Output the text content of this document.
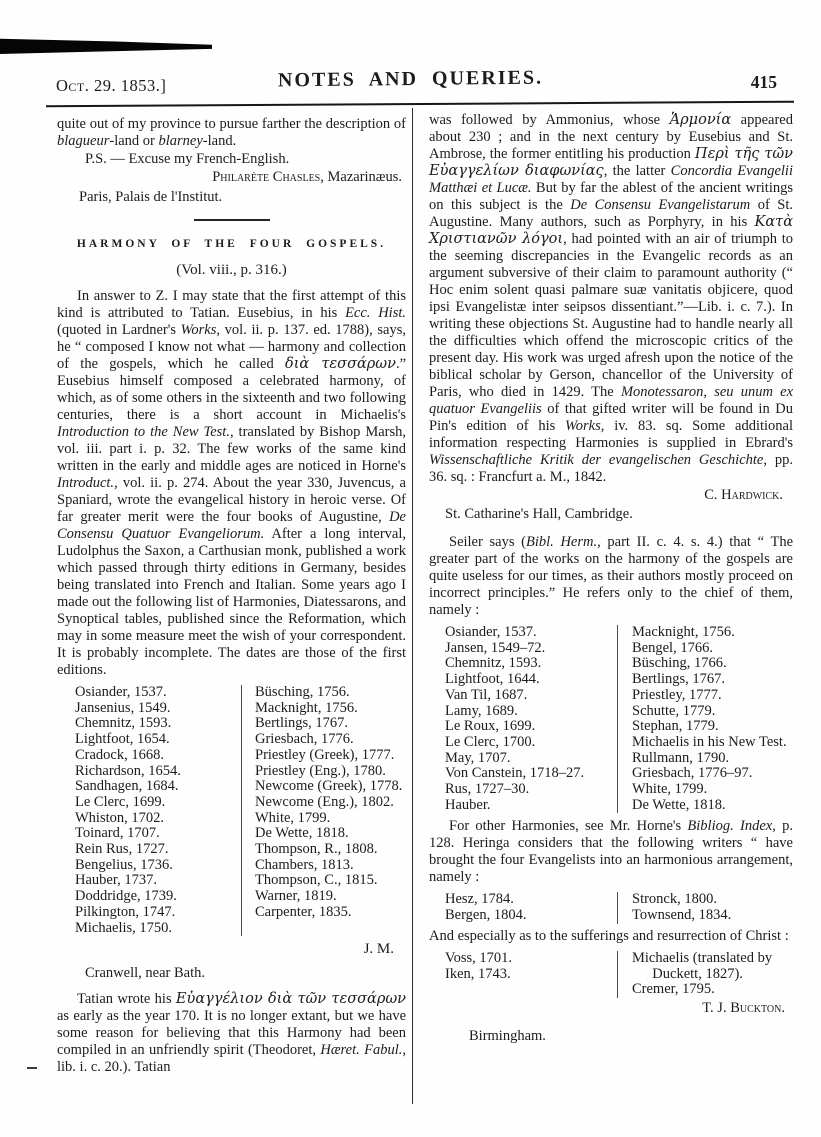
Oct. 29. 1853.]	NOTES AND QUERIES.	415

quite out of my province to pursue farther the description of blagueur-land or blarney-land.

P.S. — Excuse my French-English.

Philarète Chasles, Mazarinæus.

Paris, Palais de l'Institut.

HARMONY OF THE FOUR GOSPELS.

(Vol. viii., p. 316.)

In answer to Z. I may state that the first attempt of this kind is attributed to Tatian. Eusebius, in his Ecc. Hist. (quoted in Lardner's Works, vol. ii. p. 137. ed. 1788), says, he “ composed I know not what — harmony and collection of the gospels, which he called διὰ τεσσάρων.” Eusebius himself composed a celebrated harmony, of which, as of some others in the sixteenth and two following centuries, there is a short account in Michaelis's Introduction to the New Test., translated by Bishop Marsh, vol. iii. part i. p. 32. The few works of the same kind written in the early and middle ages are noticed in Horne's Introduct., vol. ii. p. 274. About the year 330, Juvencus, a Spaniard, wrote the evangelical history in heroic verse. Of far greater merit were the four books of Augustine, De Consensu Quatuor Evangeliorum. After a long interval, Ludolphus the Saxon, a Carthusian monk, published a work which passed through thirty editions in Germany, besides being translated into French and Italian. Some years ago I made out the following list of Harmonies, Diatessarons, and Synoptical tables, published since the Reformation, which may in some measure meet the wish of your correspondent. It is probably incomplete. The dates are those of the first editions.

Osiander, 1537.
Jansenius, 1549.
Chemnitz, 1593.
Lightfoot, 1654.
Cradock, 1668.
Richardson, 1654.
Sandhagen, 1684.
Le Clerc, 1699.
Whiston, 1702.
Toinard, 1707.
Rein Rus, 1727.
Bengelius, 1736.
Hauber, 1737.
Doddridge, 1739.
Pilkington, 1747.
Michaelis, 1750.
Büsching, 1756.
Macknight, 1756.
Bertlings, 1767.
Griesbach, 1776.
Priestley (Greek), 1777.
Priestley (Eng.), 1780.
Newcome (Greek), 1778.
Newcome (Eng.), 1802.
White, 1799.
De Wette, 1818.
Thompson, R., 1808.
Chambers, 1813.
Thompson, C., 1815.
Warner, 1819.
Carpenter, 1835.

J. M.

Cranwell, near Bath.

Tatian wrote his Εὐαγγέλιον διὰ τῶν τεσσάρων as early as the year 170. It is no longer extant, but we have some reason for believing that this Harmony had been compiled in an unfriendly spirit (Theodoret, Hæret. Fabul., lib. i. c. 20.). Tatian

was followed by Ammonius, whose Ἁρμονία appeared about 230 ; and in the next century by Eusebius and St. Ambrose, the former entitling his production Περὶ τῆς τῶν Εὐαγγελίων διαφωνίας, the latter Concordia Evangelii Matthæi et Lucæ. But by far the ablest of the ancient writings on this subject is the De Consensu Evangelistarum of St. Augustine. Many authors, such as Porphyry, in his Κατὰ Χριστιανῶν λόγοι, had pointed with an air of triumph to the seeming discrepancies in the Evangelic records as an argument subversive of their claim to paramount authority (“ Hoc enim solent quasi palmare suæ vanitatis objicere, quod ipsi Evangelistæ inter seipsos dissentiant.”—Lib. i. c. 7.). In writing these objections St. Augustine had to handle nearly all the difficulties which offend the microscopic critics of the present day. His work was urged afresh upon the notice of the biblical scholar by Gerson, chancellor of the University of Paris, who died in 1429. The Monotessaron, seu unum ex quatuor Evangeliis of that gifted writer will be found in Du Pin's edition of his Works, iv. 83. sq. Some additional information respecting Harmonies is supplied in Ebrard's Wissenschaftliche Kritik der evangelischen Geschichte, pp. 36. sq. : Francfurt a. M., 1842.

C. Hardwick.

St. Catharine's Hall, Cambridge.

Seiler says (Bibl. Herm., part II. c. 4. s. 4.) that “ The greater part of the works on the harmony of the gospels are quite useless for our times, as their authors mostly proceed on incorrect principles.” He refers only to the chief of them, namely :

Osiander, 1537.
Jansen, 1549–72.
Chemnitz, 1593.
Lightfoot, 1644.
Van Til, 1687.
Lamy, 1689.
Le Roux, 1699.
Le Clerc, 1700.
May, 1707.
Von Canstein, 1718–27.
Rus, 1727–30.
Hauber.
Macknight, 1756.
Bengel, 1766.
Büsching, 1766.
Bertlings, 1767.
Priestley, 1777.
Schutte, 1779.
Stephan, 1779.
Michaelis in his New Test.
Rullmann, 1790.
Griesbach, 1776–97.
White, 1799.
De Wette, 1818.

For other Harmonies, see Mr. Horne's Bibliog. Index, p. 128. Heringa considers that the following writers “ have brought the four Evangelists into an harmonious arrangement, namely :

Hesz, 1784.
Bergen, 1804.
Stronck, 1800.
Townsend, 1834.

And especially as to the sufferings and resurrection of Christ :

Voss, 1701.
Iken, 1743.
Michaelis (translated by Duckett, 1827).
Cremer, 1795.

T. J. Buckton.

Birmingham.
